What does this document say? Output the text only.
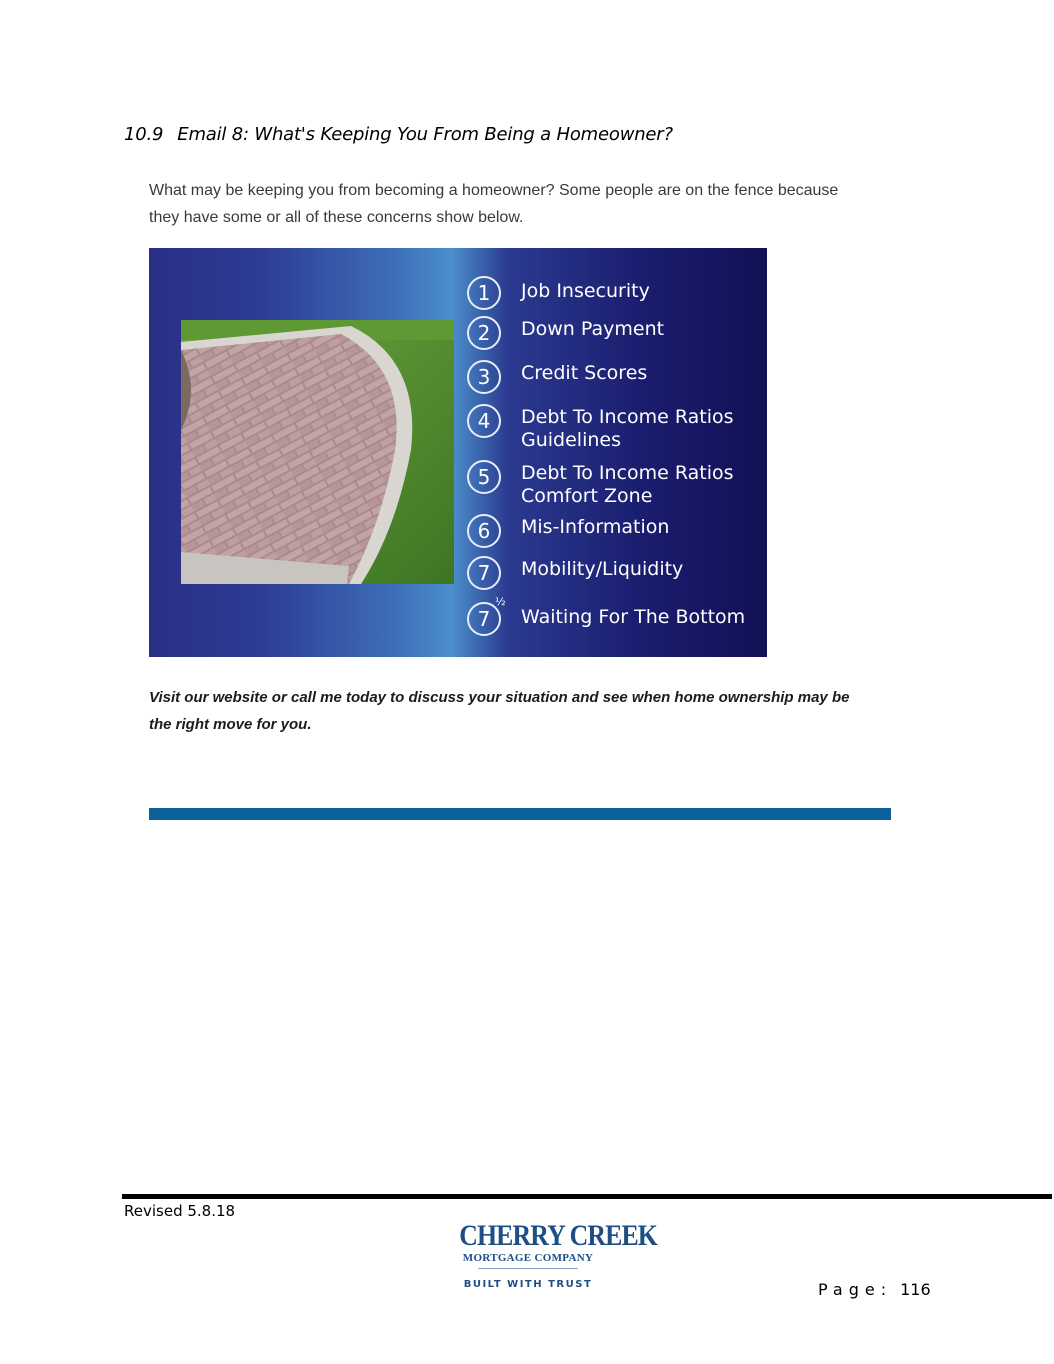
10.9 Email 8: What's Keeping You From Being a Homeowner?
What may be keeping you from becoming a homeowner? Some people are on the fence because they have some or all of these concerns show below.
1	Job Insecurity
2	Down Payment
3	Credit Scores
4	Debt To Income Ratios Guidelines
5	Debt To Income Ratios Comfort Zone
6	Mis-Information
7	Mobility/Liquidity
7
½
Waiting For The Bottom
Visit our website or call me today to discuss your situation and see when home ownership may be the right move for you.
Revised 5.8.18
CHERRY CREEK
MORTGAGE COMPANY
BUILT WITH TRUST	Page: 116
